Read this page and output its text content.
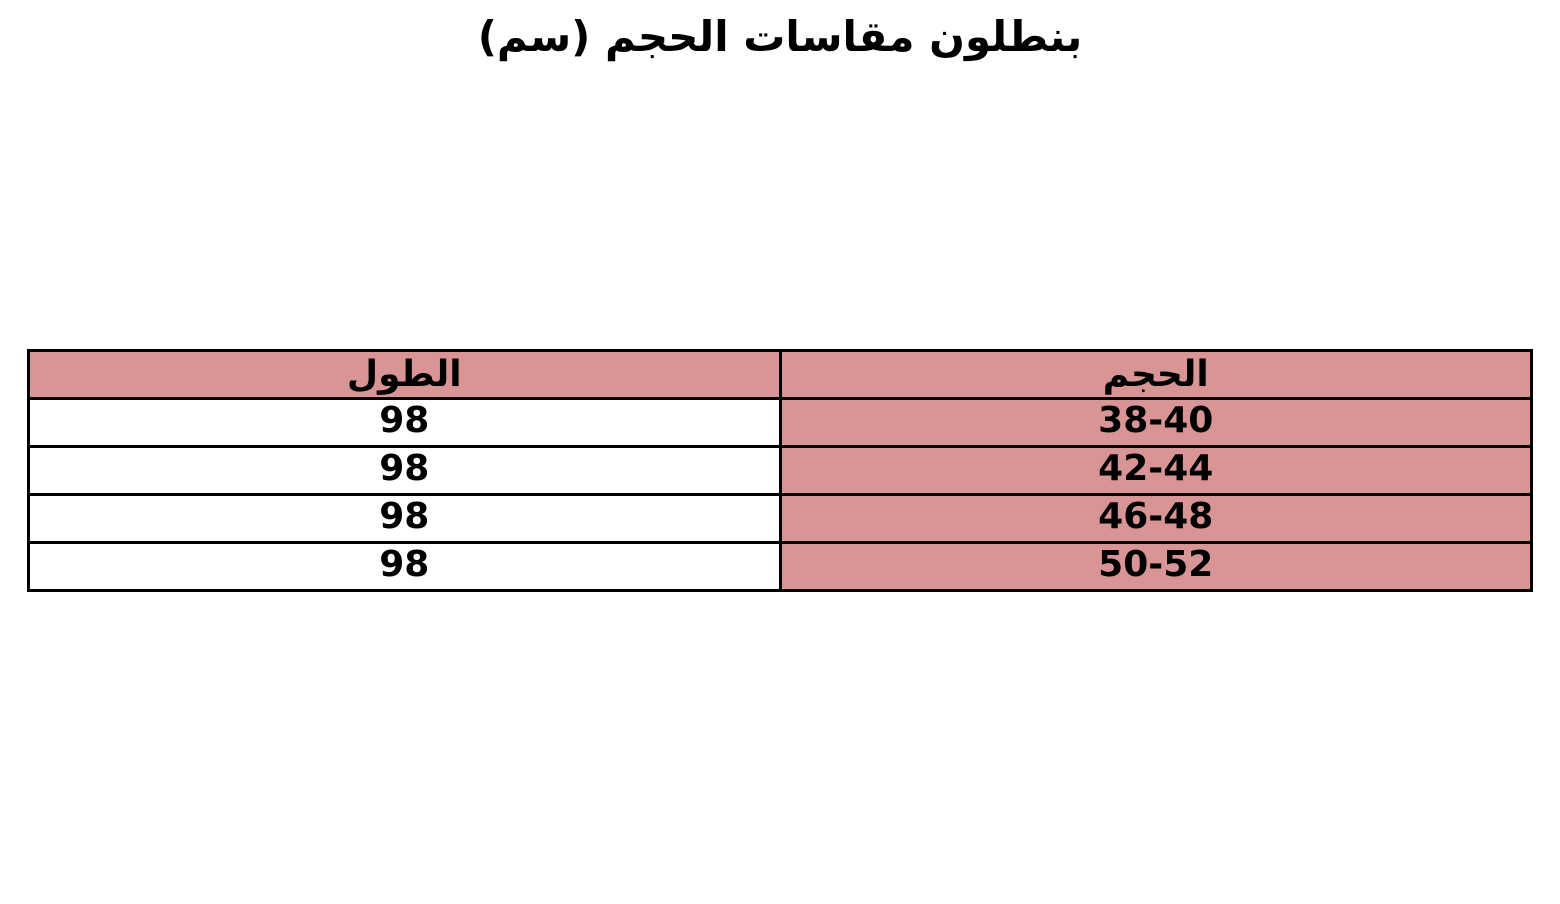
بنطلون مقاسات الحجم (سم)
الحجم	الطول
38-40	98
42-44	98
46-48	98
50-52	98
